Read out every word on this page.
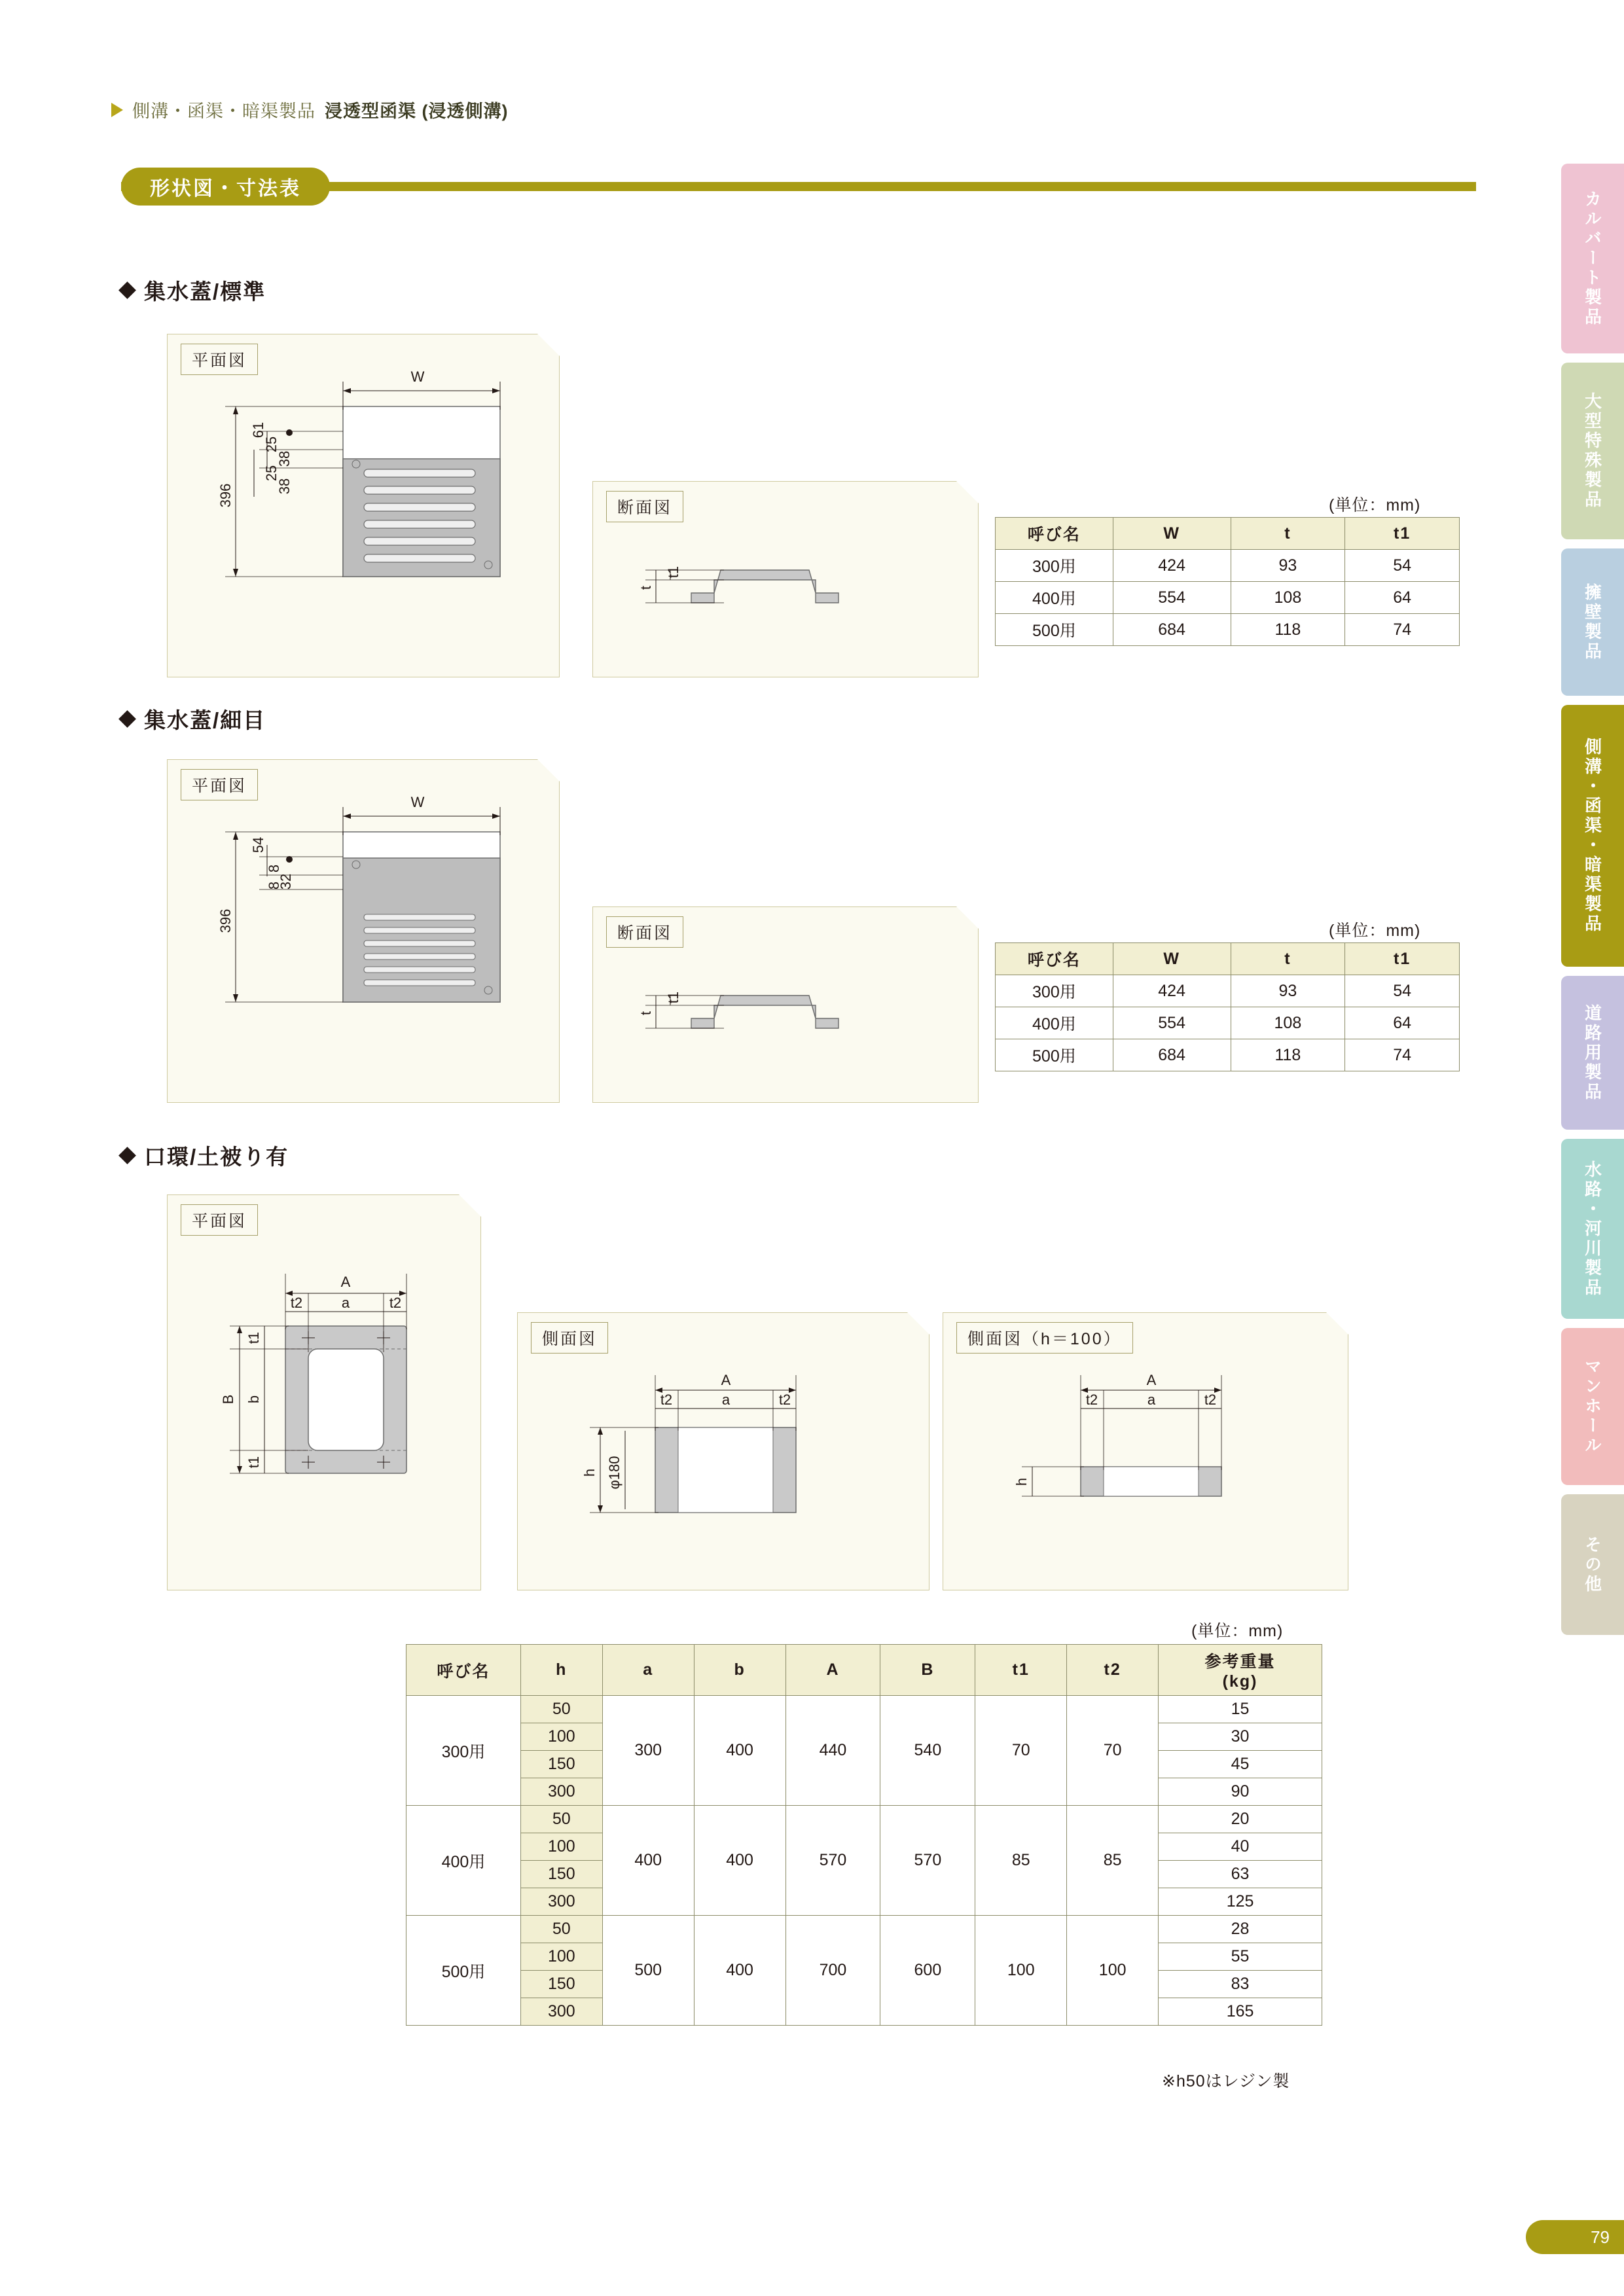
側溝・函渠・暗渠製品 浸透型函渠 (浸透側溝)
形状図・寸法表
集水蓋/標準
平面図
W
396
61
25
25
38
38
断面図
t1
t
(単位：mm)
呼び名	W	t	t1
300用	424	93	54
400用	554	108	64
500用	684	118	74
集水蓋/細目
平面図
W
396
54
8
8
32
断面図
t1
t
(単位：mm)
呼び名	W	t	t1
300用	424	93	54
400用	554	108	64
500用	684	118	74
口環/土被り有
平面図
A
t2	a	t2
B b
t1
t1
側面図
A
t2	a	t2
h φ180
側面図（h＝100）
A
t2	a	t2
h
(単位：mm)
呼び名	h	a	b	A	B	t1	t2	参考重量
(kg)

300用	50	300	400	440	540	70	70	15
	100							30
	150							45
	300							90
400用	50	400	400	570	570	85	85	20
	100							40
	150							63
	300							125
500用	50	500	400	700	600	100	100	28
	100							55
	150							83
	300							165
※h50はレジン製
カルバート製品
大型特殊製品
擁壁製品
側溝・函渠・暗渠製品
道路用製品
水路・河川製品
マンホール
その他
79
